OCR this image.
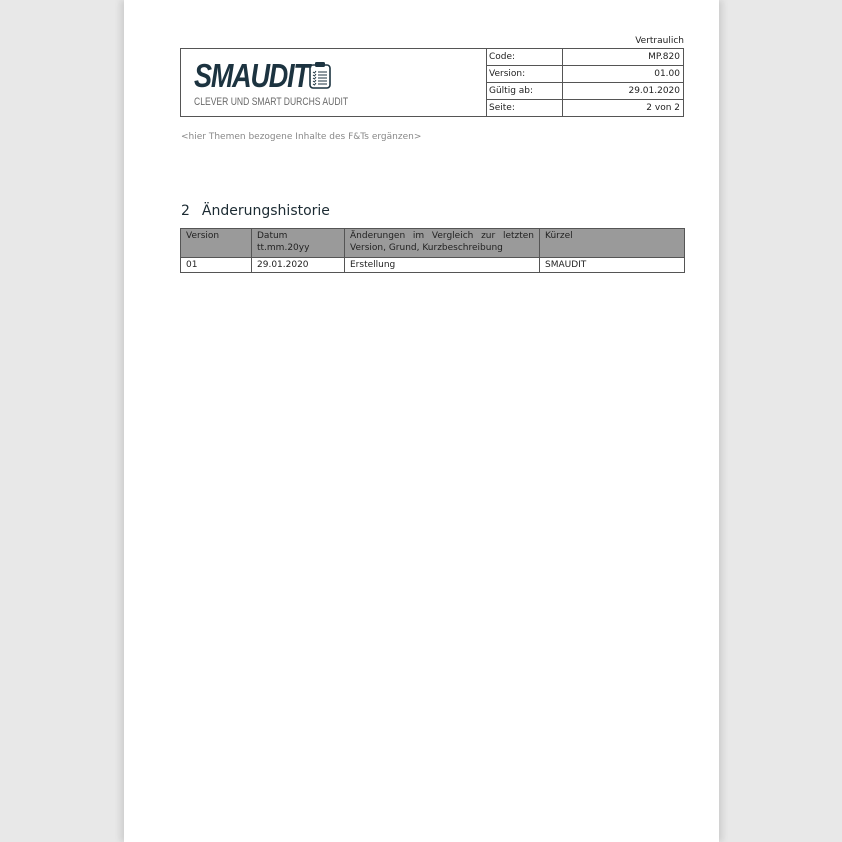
Vertraulich
SMAUDIT
CLEVER UND SMART DURCHS AUDIT
Code:	MP.820
Version:	01.00
Gültig ab:	29.01.2020
Seite:	2 von 2
<hier Themen bezogene Inhalte des F&Ts ergänzen>
2 Änderungshistorie
Version	Datum tt.mm.20yy	Änderungen im Vergleich zur letzten Version, Grund, Kurzbeschreibung	Kürzel
01	29.01.2020	Erstellung	SMAUDIT
